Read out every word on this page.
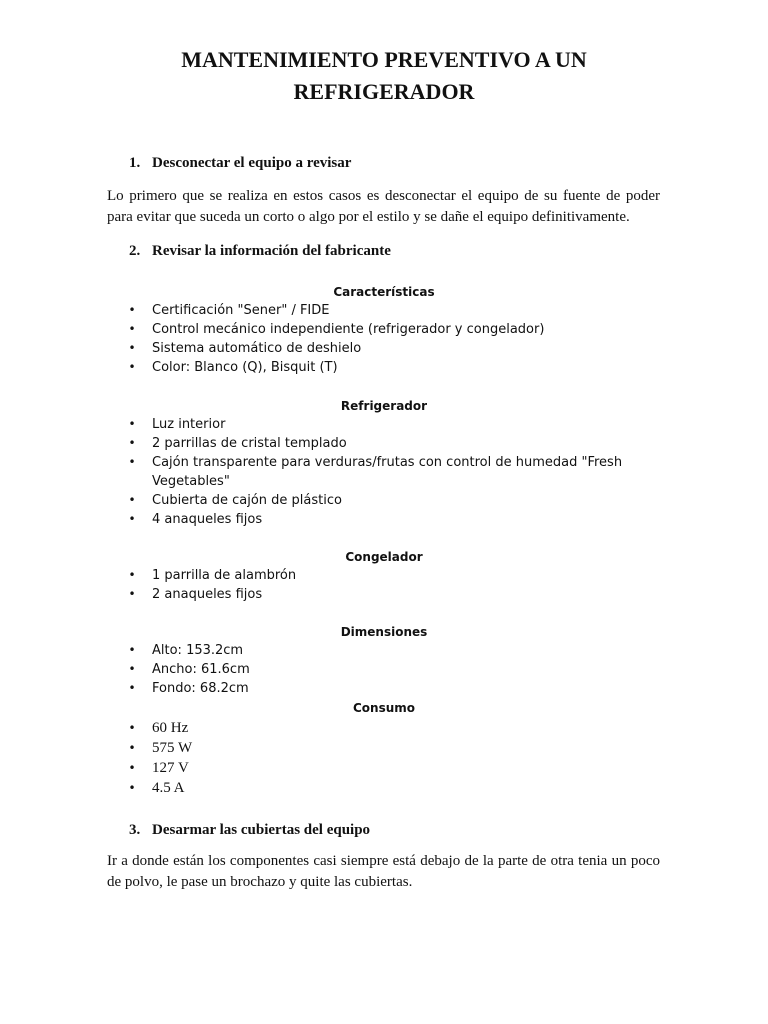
MANTENIMIENTO PREVENTIVO A UN
REFRIGERADOR
1. Desconectar el equipo a revisar

Lo primero que se realiza en estos casos es desconectar el equipo de su fuente de poder
para evitar que suceda un corto o algo por el estilo y se dañe el equipo definitivamente.

2. Revisar la información del fabricante
Características
• Certificación "Sener" / FIDE
• Control mecánico independiente (refrigerador y congelador)
• Sistema automático de deshielo
• Color: Blanco (Q), Bisquit (T)
Refrigerador
• Luz interior
• 2 parrillas de cristal templado
• Cajón transparente para verduras/frutas con control de humedad "Fresh
Vegetables"
• Cubierta de cajón de plástico
• 4 anaqueles fijos
Congelador
• 1 parrilla de alambrón
• 2 anaqueles fijos
Dimensiones
• Alto: 153.2cm
• Ancho: 61.6cm
• Fondo: 68.2cm
Consumo
• 60 Hz
• 575 W
• 127 V
• 4.5 A
3. Desarmar las cubiertas del equipo

Ir a donde están los componentes casi siempre está debajo de la parte de otra tenia un poco
de polvo, le pase un brochazo y quite las cubiertas.
